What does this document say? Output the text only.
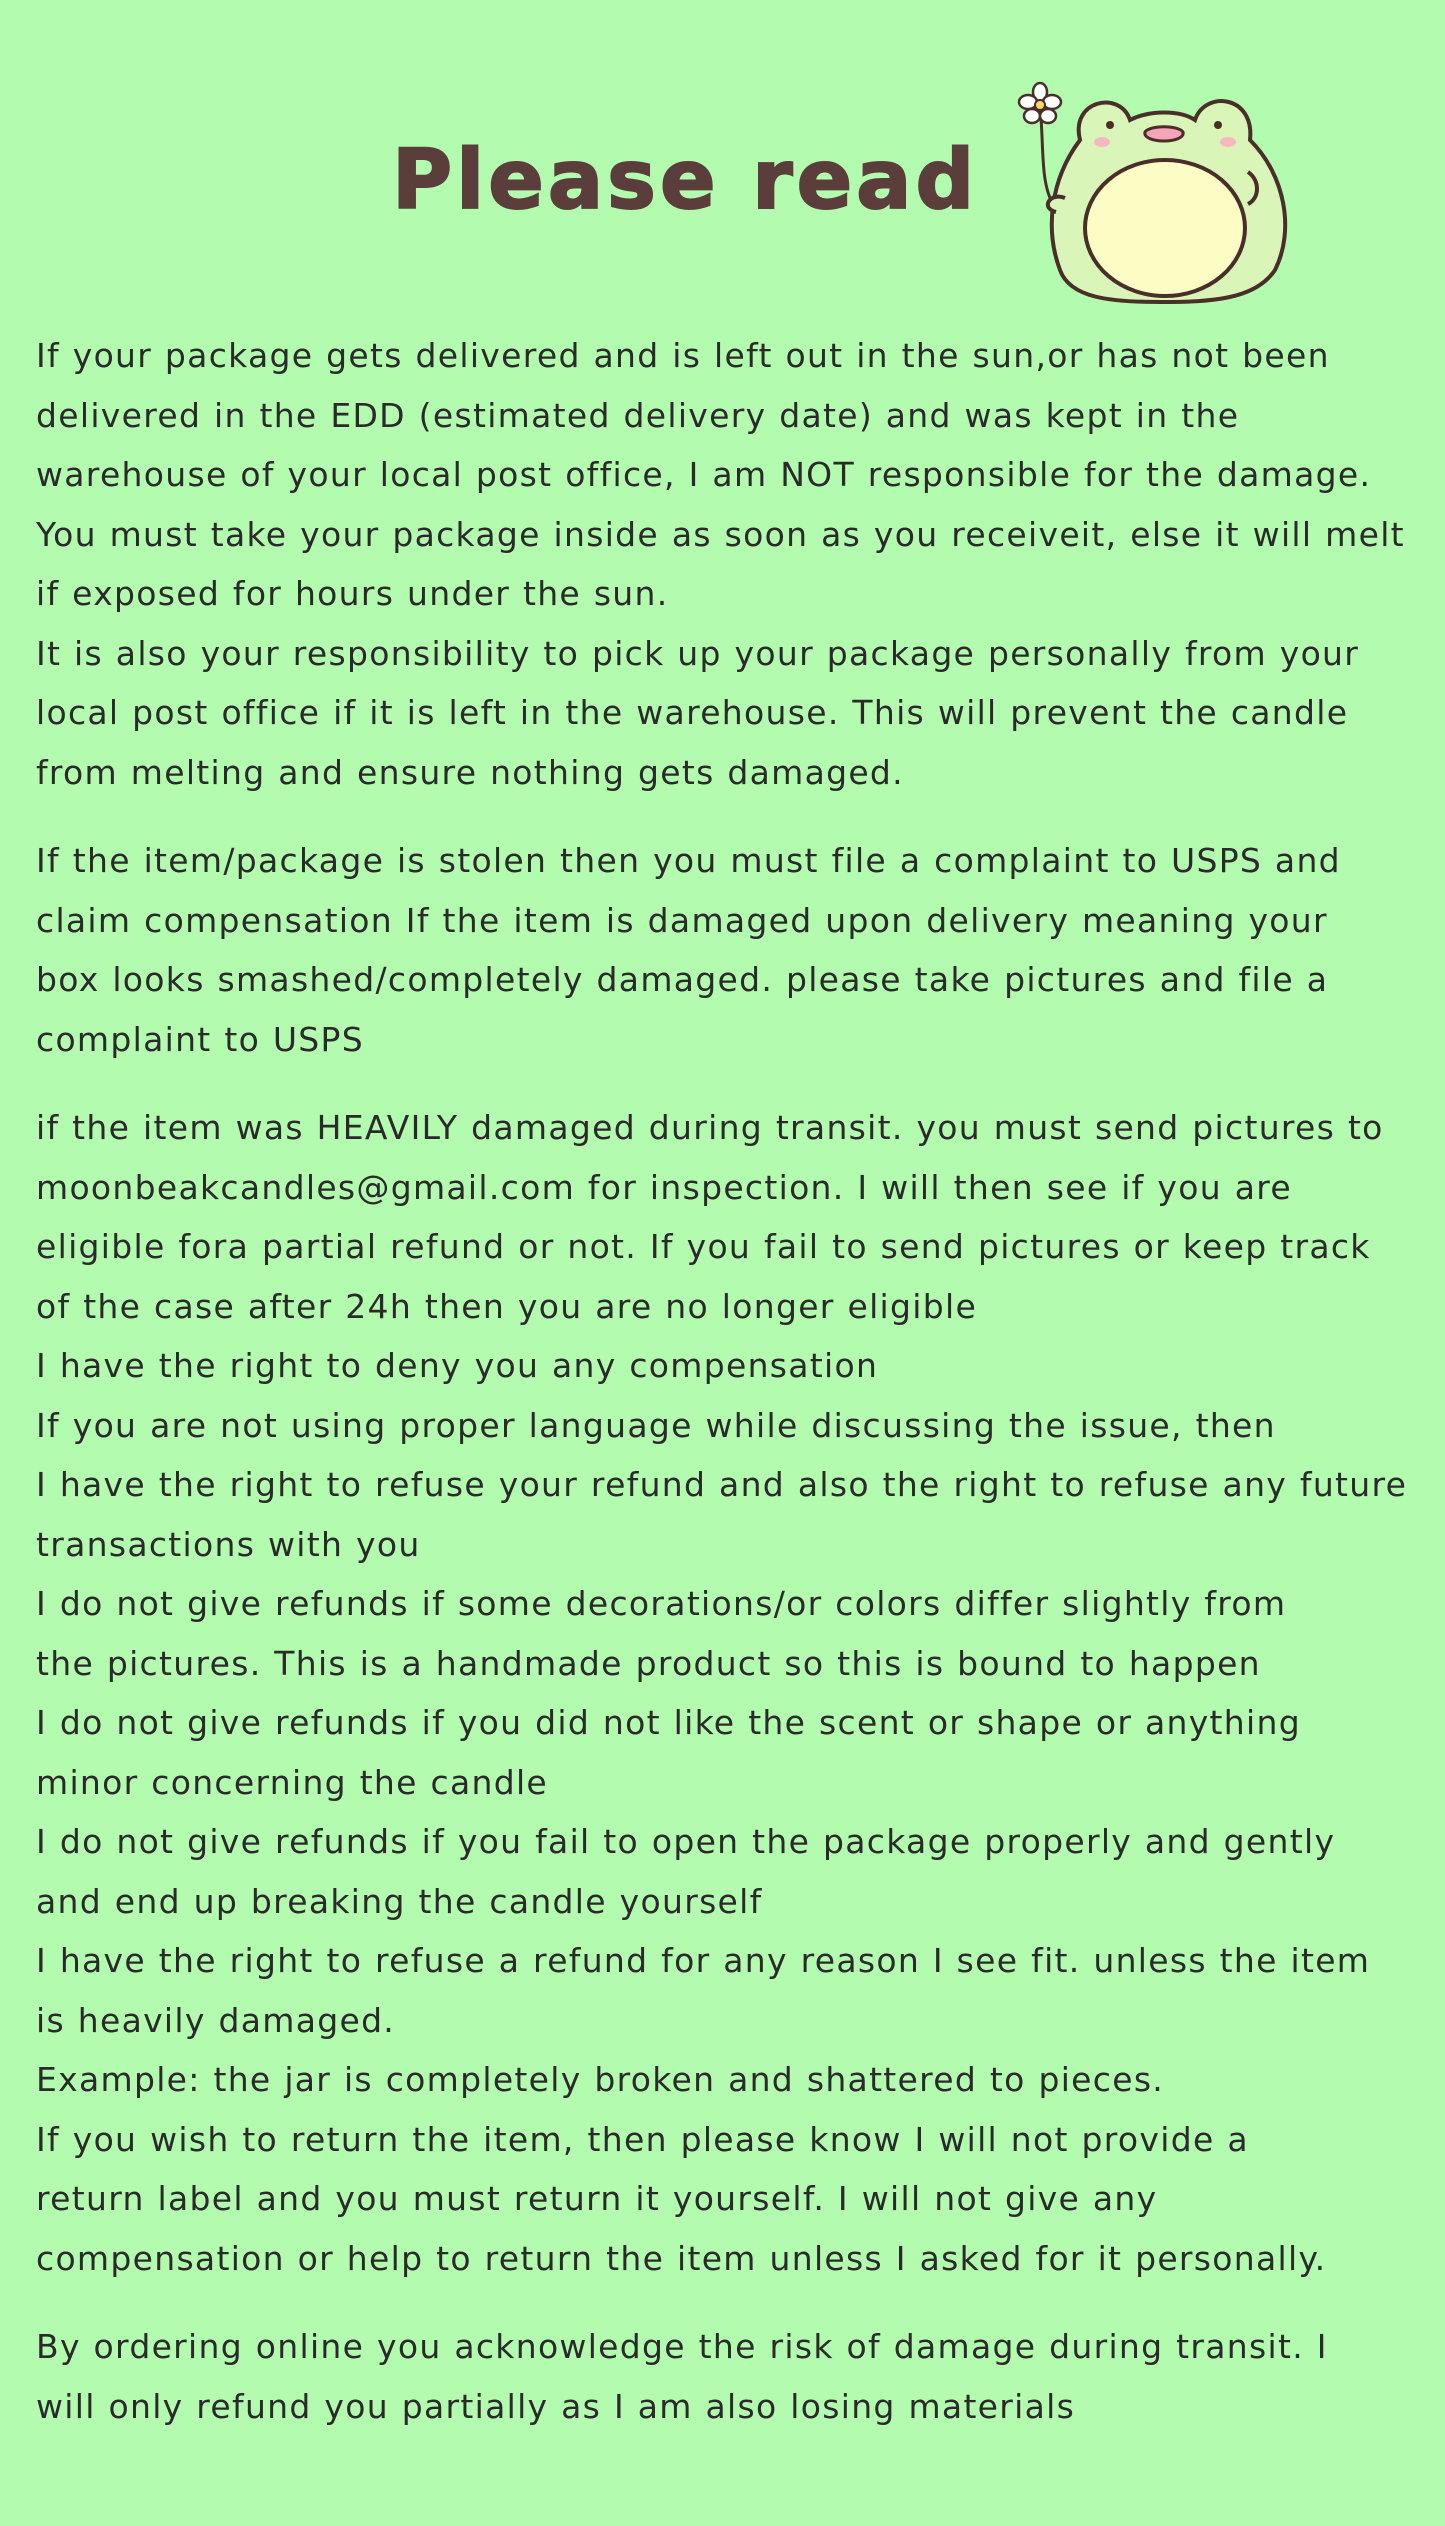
Please read
If your package gets delivered and is left out in the sun,or has not been
delivered in the EDD (estimated delivery date) and was kept in the
warehouse of your local post office, I am NOT responsible for the damage.
You must take your package inside as soon as you receiveit, else it will melt
if exposed for hours under the sun.
It is also your responsibility to pick up your package personally from your
local post office if it is left in the warehouse. This will prevent the candle
from melting and ensure nothing gets damaged.
If the item/package is stolen then you must file a complaint to USPS and
claim compensation If the item is damaged upon delivery meaning your
box looks smashed/completely damaged. please take pictures and file a
complaint to USPS
if the item was HEAVILY damaged during transit. you must send pictures to
moonbeakcandles@gmail.com for inspection. I will then see if you are
eligible fora partial refund or not. If you fail to send pictures or keep track
of the case after 24h then you are no longer eligible
I have the right to deny you any compensation
If you are not using proper language while discussing the issue, then
I have the right to refuse your refund and also the right to refuse any future
transactions with you
I do not give refunds if some decorations/or colors differ slightly from
the pictures. This is a handmade product so this is bound to happen
I do not give refunds if you did not like the scent or shape or anything
minor concerning the candle
I do not give refunds if you fail to open the package properly and gently
and end up breaking the candle yourself
I have the right to refuse a refund for any reason I see fit. unless the item
is heavily damaged.
Example: the jar is completely broken and shattered to pieces.
If you wish to return the item, then please know I will not provide a
return label and you must return it yourself. I will not give any
compensation or help to return the item unless I asked for it personally.
By ordering online you acknowledge the risk of damage during transit. I
will only refund you partially as I am also losing materials
